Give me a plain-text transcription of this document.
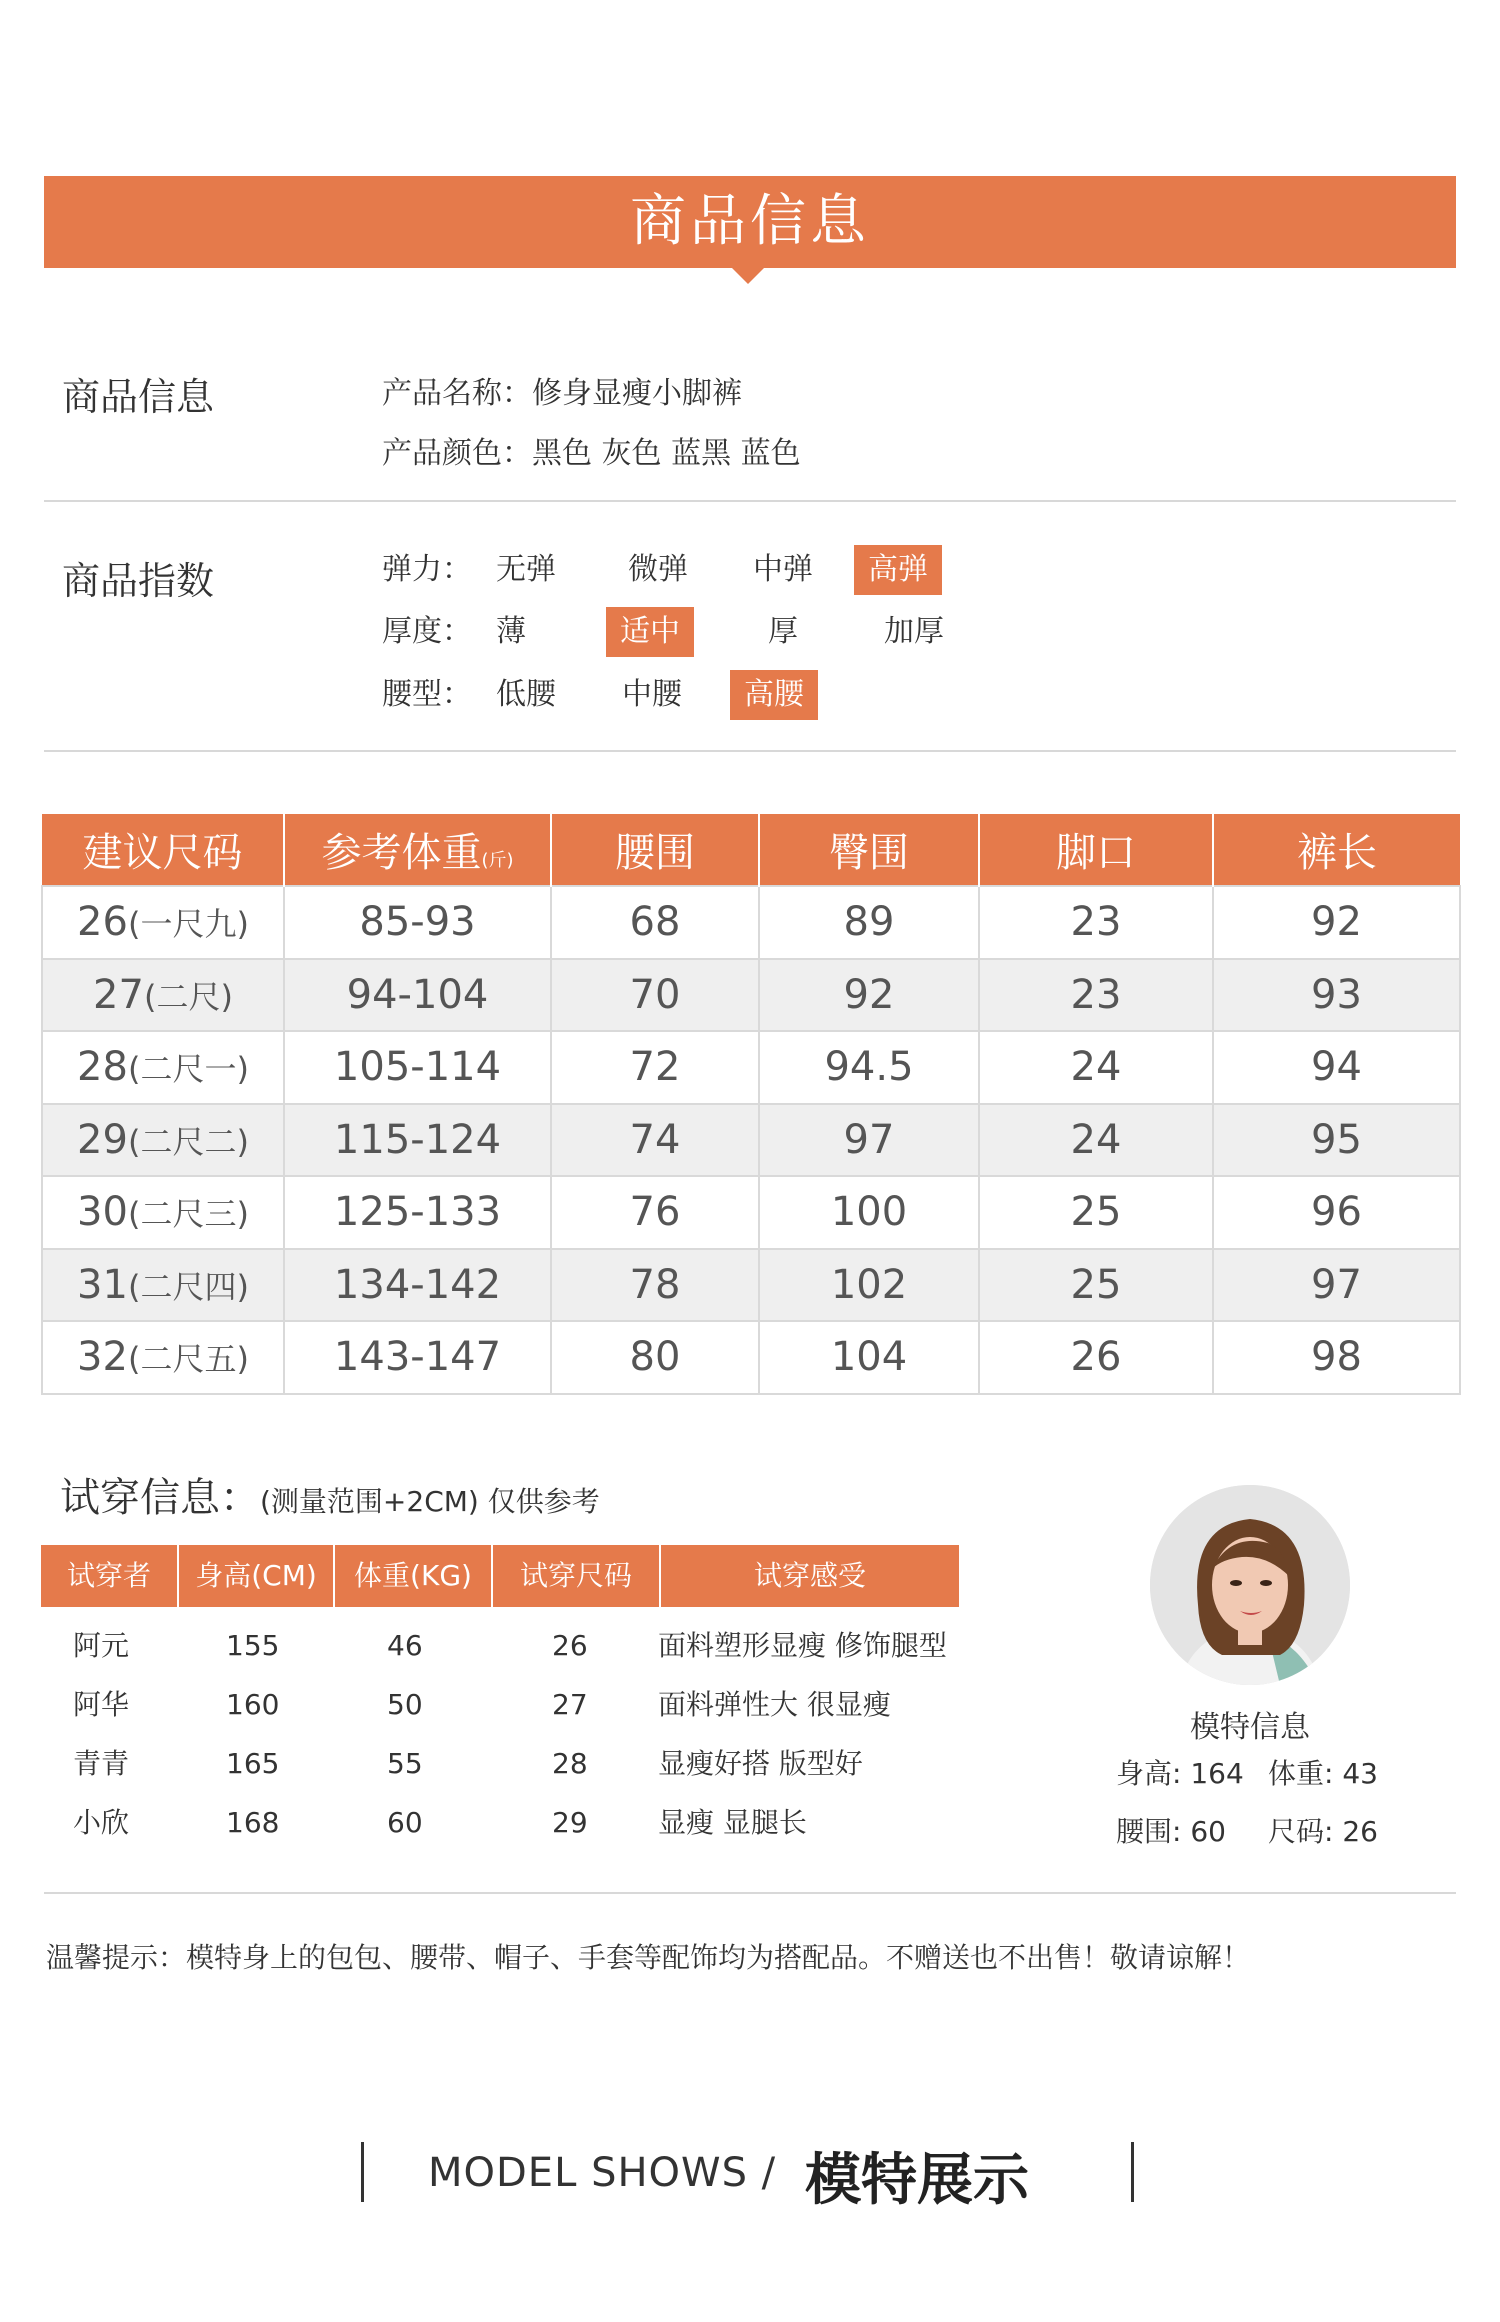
商品信息
商品信息	产品名称：修身显瘦小脚裤
产品颜色：黑色 灰色 蓝黑 蓝色
商品指数	弹力： 无弹	微弹	中弹	高弹
厚度： 薄	适中	厚	加厚
腰型： 低腰	中腰	高腰
建议尺码	参考体重(斤)	腰围	臀围	脚口	裤长
26(一尺九)	85-93	68	89	23	92
27(二尺)	94-104	70	92	23	93
28(二尺一)	105-114	72	94.5	24	94
29(二尺二)	115-124	74	97	24	95
30(二尺三)	125-133	76	100	25	96
31(二尺四)	134-142	78	102	25	97
32(二尺五)	143-147	80	104	26	98
试穿信息：(测量范围+2CM) 仅供参考
试穿者	身高(CM)	体重(KG)	试穿尺码	试穿感受
阿元	155	46	26	面料塑形显瘦 修饰腿型
阿华	160	50	27	面料弹性大 很显瘦
青青	165	55	28	显瘦好搭 版型好
小欣	168	60	29	显瘦 显腿长
模特信息
身高: 164 体重: 43
腰围: 60 尺码: 26
温馨提示：模特身上的包包、腰带、帽子、手套等配饰均为搭配品。不赠送也不出售！敬请谅解！
MODEL SHOWS / 模特展示
